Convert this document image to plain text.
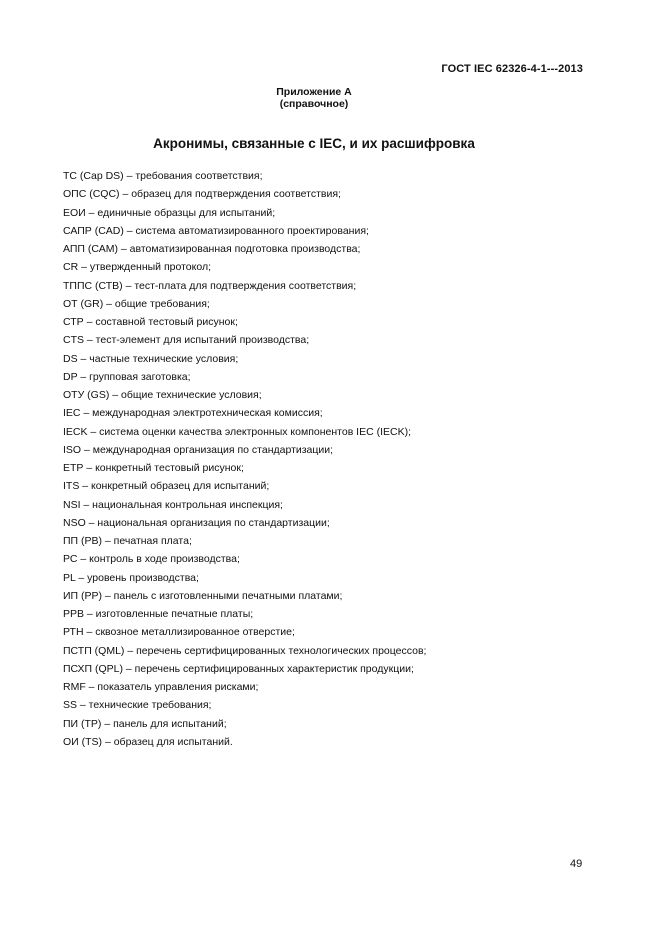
ГОСТ IEC 62326-4-1---2013
Приложение А
(справочное)
Акронимы, связанные с IEC, и их расшифровка
ТС (Cap DS) – требования соответствия;
ОПС (CQC) – образец для подтверждения соответствия;
ЕОИ – единичные образцы для испытаний;
САПР (CAD) – система автоматизированного проектирования;
АПП (САМ) – автоматизированная подготовка производства;
CR – утвержденный протокол;
ТППС (СТВ) – тест-плата для подтверждения соответствия;
ОТ (GR) – общие требования;
СТР – составной тестовый рисунок;
CTS – тест-элемент для испытаний производства;
DS – частные технические условия;
DP – групповая заготовка;
ОТУ (GS) – общие технические условия;
IEC – международная электротехническая комиссия;
IECK – система оценки качества электронных компонентов IEC (IECK);
ISO – международная организация по стандартизации;
ЕТР – конкретный тестовый рисунок;
ITS – конкретный образец для испытаний;
NSI – национальная контрольная инспекция;
NSO – национальная организация по стандартизации;
ПП (РВ) – печатная плата;
РС – контроль в ходе производства;
PL – уровень производства;
ИП (РР) – панель с изготовленными печатными платами;
РРВ – изготовленные печатные платы;
РТН – сквозное металлизированное отверстие;
ПСТП (QML) – перечень сертифицированных технологических процессов;
ПСХП (QPL) – перечень сертифицированных характеристик продукции;
RMF – показатель управления рисками;
SS – технические требования;
ПИ (ТР) – панель для испытаний;
ОИ (TS) – образец для испытаний.
49
